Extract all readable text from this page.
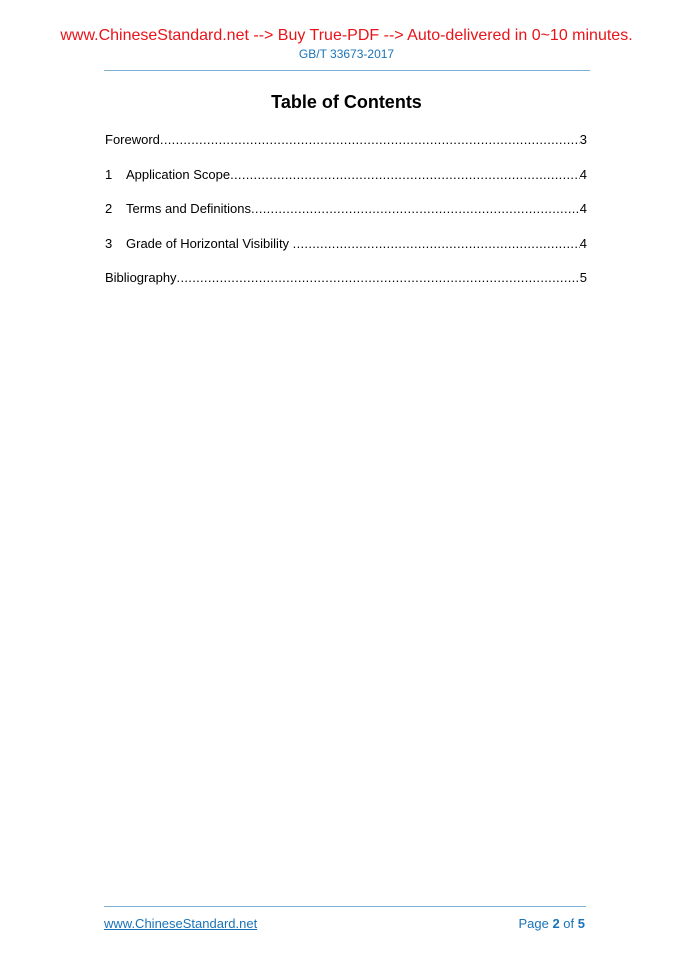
www.ChineseStandard.net --> Buy True-PDF --> Auto-delivered in 0~10 minutes.
GB/T 33673-2017
Table of Contents
Foreword .....	3
1	Application Scope .....	4
2	Terms and Definitions .....	4
3	Grade of Horizontal Visibility .....	4
Bibliography .....	5
www.ChineseStandard.net	Page 2 of 5
